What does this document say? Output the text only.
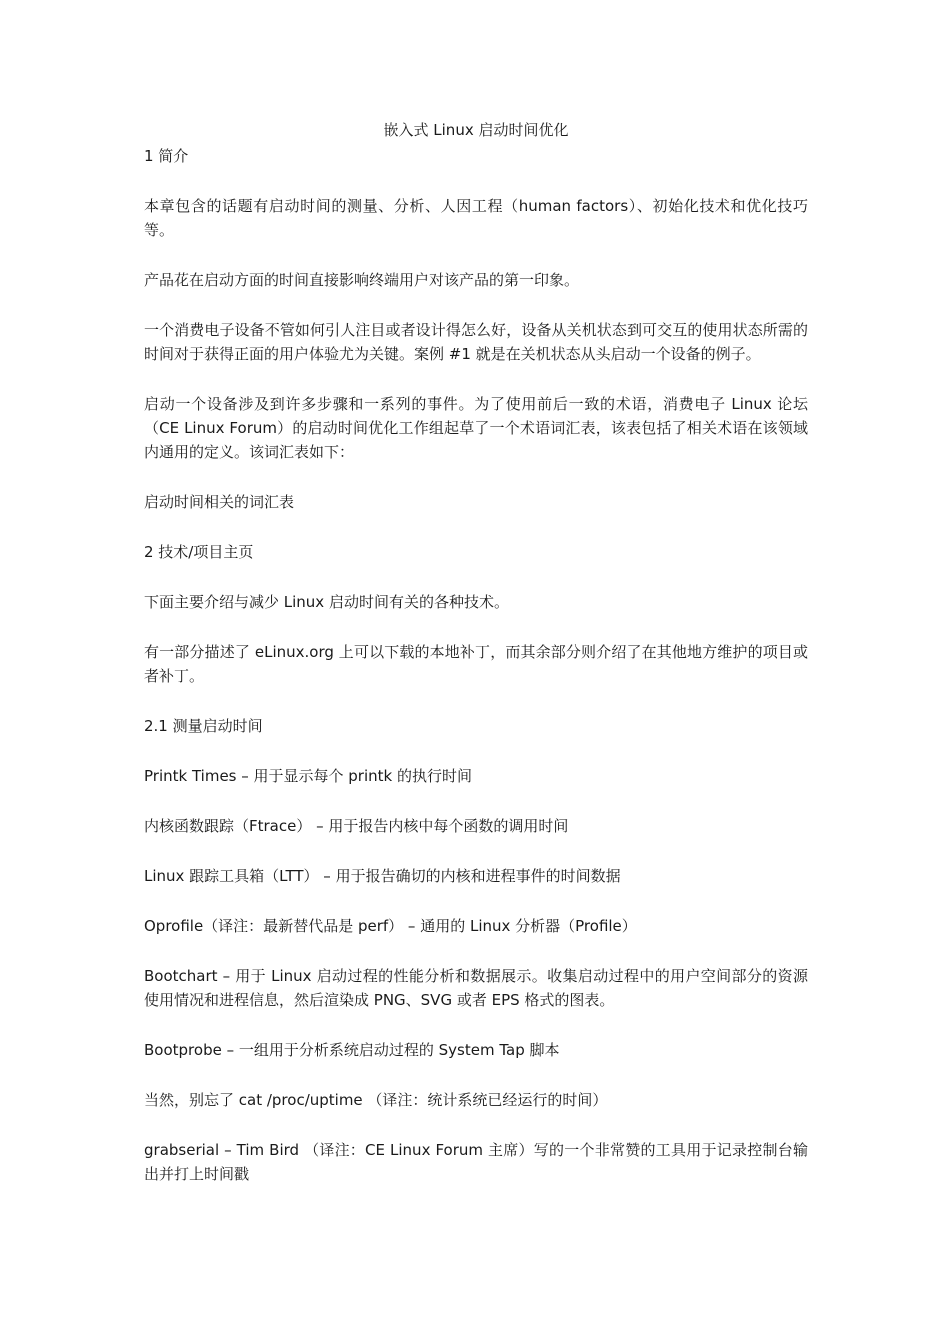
嵌入式 Linux 启动时间优化
1 简介

本章包含的话题有启动时间的测量、分析、人因工程（human factors）、初始化技术和优化技巧等。

产品花在启动方面的时间直接影响终端用户对该产品的第一印象。

一个消费电子设备不管如何引人注目或者设计得怎么好，设备从关机状态到可交互的使用状态所需的时间对于获得正面的用户体验尤为关键。案例 #1 就是在关机状态从头启动一个设备的例子。

启动一个设备涉及到许多步骤和一系列的事件。为了使用前后一致的术语，消费电子 Linux 论坛（CE Linux Forum）的启动时间优化工作组起草了一个术语词汇表，该表包括了相关术语在该领域内通用的定义。该词汇表如下：

启动时间相关的词汇表

2 技术/项目主页

下面主要介绍与减少 Linux 启动时间有关的各种技术。

有一部分描述了 eLinux.org 上可以下载的本地补丁，而其余部分则介绍了在其他地方维护的项目或者补丁。

2.1 测量启动时间

Printk Times – 用于显示每个 printk 的执行时间

内核函数跟踪（Ftrace） – 用于报告内核中每个函数的调用时间

Linux 跟踪工具箱（LTT） – 用于报告确切的内核和进程事件的时间数据

Oprofile（译注：最新替代品是 perf） – 通用的 Linux 分析器（Profile）

Bootchart – 用于 Linux 启动过程的性能分析和数据展示。收集启动过程中的用户空间部分的资源使用情况和进程信息，然后渲染成 PNG、SVG 或者 EPS 格式的图表。

Bootprobe – 一组用于分析系统启动过程的 System Tap 脚本

当然，别忘了 cat /proc/uptime （译注：统计系统已经运行的时间）

grabserial – Tim Bird （译注：CE Linux Forum 主席）写的一个非常赞的工具用于记录控制台输出并打上时间戳
